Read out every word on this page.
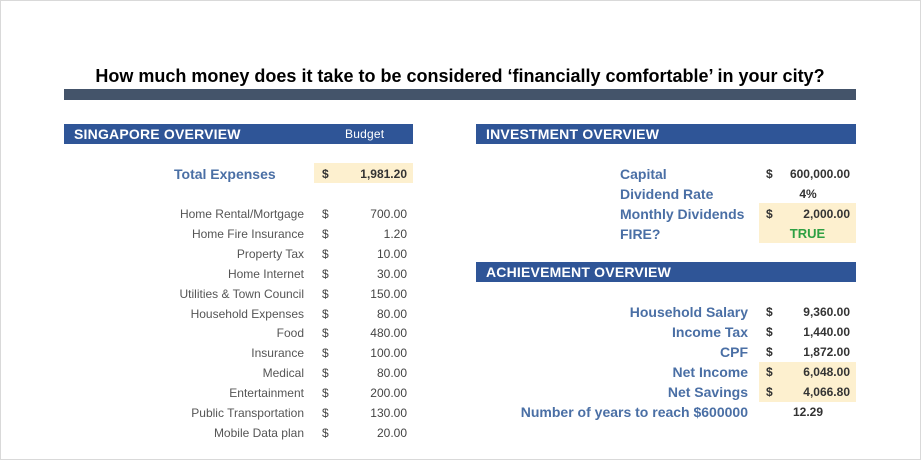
How much money does it take to be considered ‘financially comfortable’ in your city?
SINGAPORE OVERVIEW	Budget
Total Expenses	$	1,981.20
Home Rental/Mortgage $	700.00
Home Fire Insurance $	1.20
Property Tax $	10.00
Home Internet $	30.00
Utilities & Town Council $	150.00
Household Expenses $	80.00
Food $	480.00
Insurance $	100.00
Medical $	80.00
Entertainment $	200.00
Public Transportation $	130.00
Mobile Data plan $	20.00
INVESTMENT OVERVIEW
Capital	$	600,000.00
Dividend Rate	4%
Monthly Dividends $	2,000.00
FIRE?	TRUE
ACHIEVEMENT OVERVIEW
Household Salary $	9,360.00
Income Tax $	1,440.00
CPF $	1,872.00
Net Income $	6,048.00
Net Savings $	4,066.80
Number of years to reach $600000	12.29
